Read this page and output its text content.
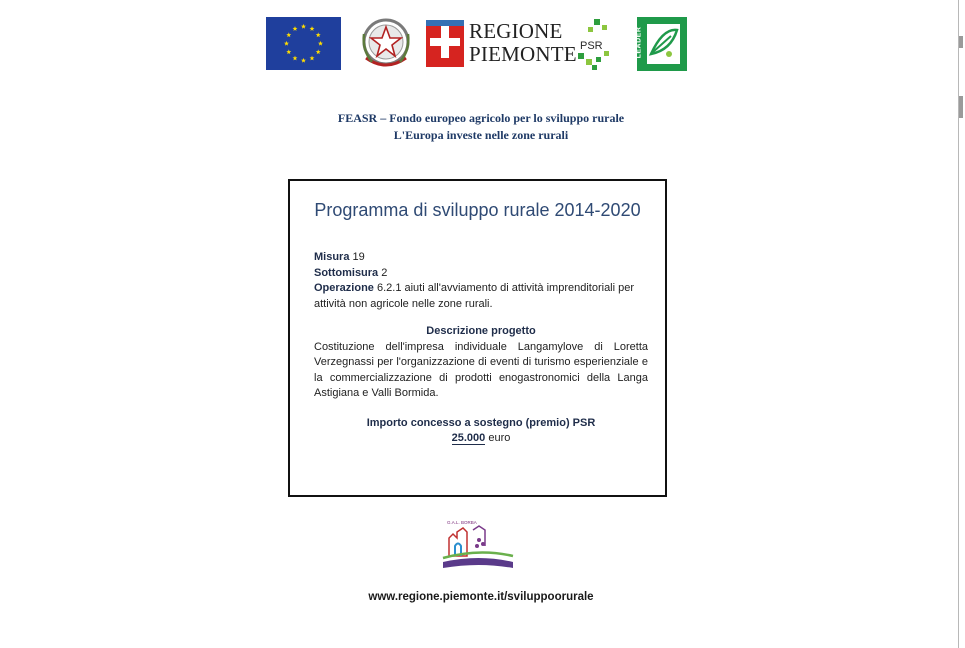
REGIONE
PIEMONTE PSR	LEADER
FEASR – Fondo europeo agricolo per lo sviluppo rurale
L'Europa investe nelle zone rurali
Programma di sviluppo rurale 2014-2020
Misura 19
Sottomisura 2
Operazione 6.2.1 aiuti all'avviamento di attività imprenditoriali per attività non agricole nelle zone rurali.
Descrizione progetto
Costituzione dell'impresa individuale Langamylove di Loretta Verzegnassi per l'organizzazione di eventi di turismo esperienziale e la commercializzazione di prodotti enogastronomici della Langa Astigiana e Valli Bormida.
Importo concesso a sostegno (premio) PSR
25.000 euro
G.A.L. BORBA
www.regione.piemonte.it/sviluppoorurale
